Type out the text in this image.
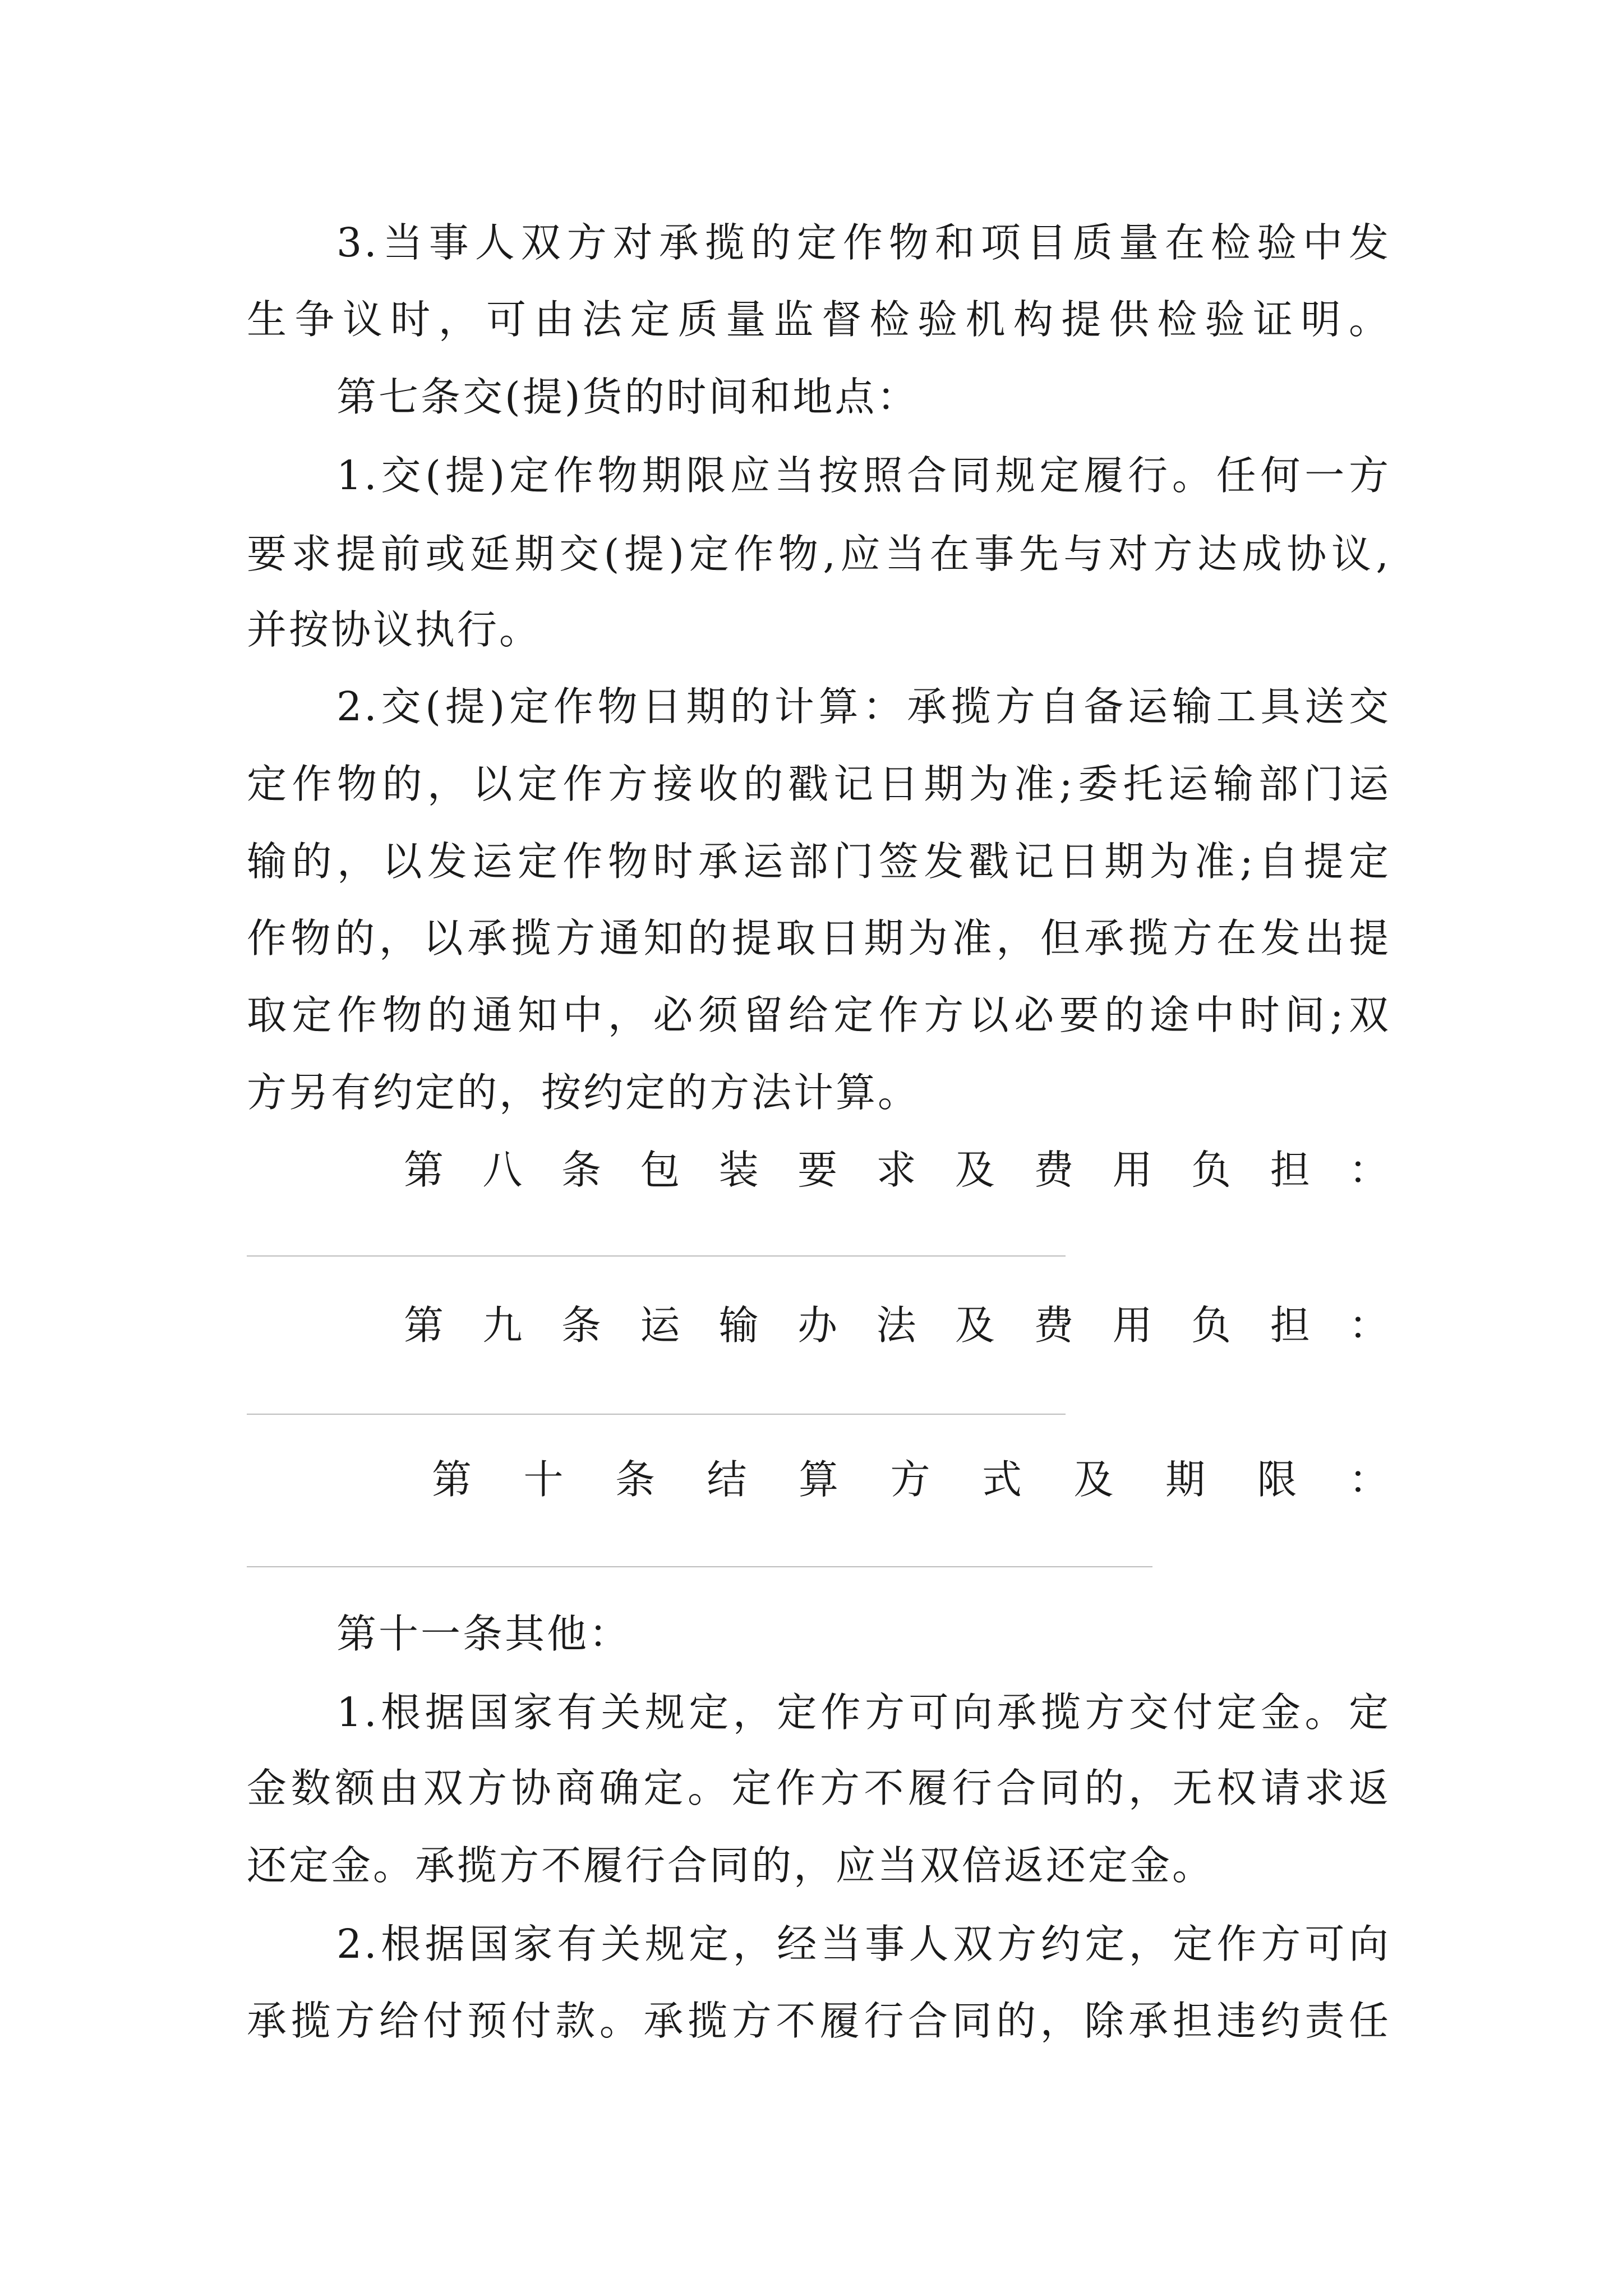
3.当事人双方对承揽的定作物和项目质量在检验中发
生争议时，可由法定质量监督检验机构提供检验证明。
第七条交(提)货的时间和地点：
1.交(提)定作物期限应当按照合同规定履行。任何一方
要求提前或延期交(提)定作物,应当在事先与对方达成协议,
并按协议执行。
2.交(提)定作物日期的计算：承揽方自备运输工具送交
定作物的，以定作方接收的戳记日期为准;委托运输部门运
输的，以发运定作物时承运部门签发戳记日期为准;自提定
作物的，以承揽方通知的提取日期为准，但承揽方在发出提
取定作物的通知中，必须留给定作方以必要的途中时间;双
方另有约定的，按约定的方法计算。
第八条包装要求及费用负担：
第九条运输办法及费用负担：
第十条结算方式及期限：
第十一条其他：
1.根据国家有关规定，定作方可向承揽方交付定金。定
金数额由双方协商确定。定作方不履行合同的，无权请求返
还定金。承揽方不履行合同的，应当双倍返还定金。
2.根据国家有关规定，经当事人双方约定，定作方可向
承揽方给付预付款。承揽方不履行合同的，除承担违约责任
